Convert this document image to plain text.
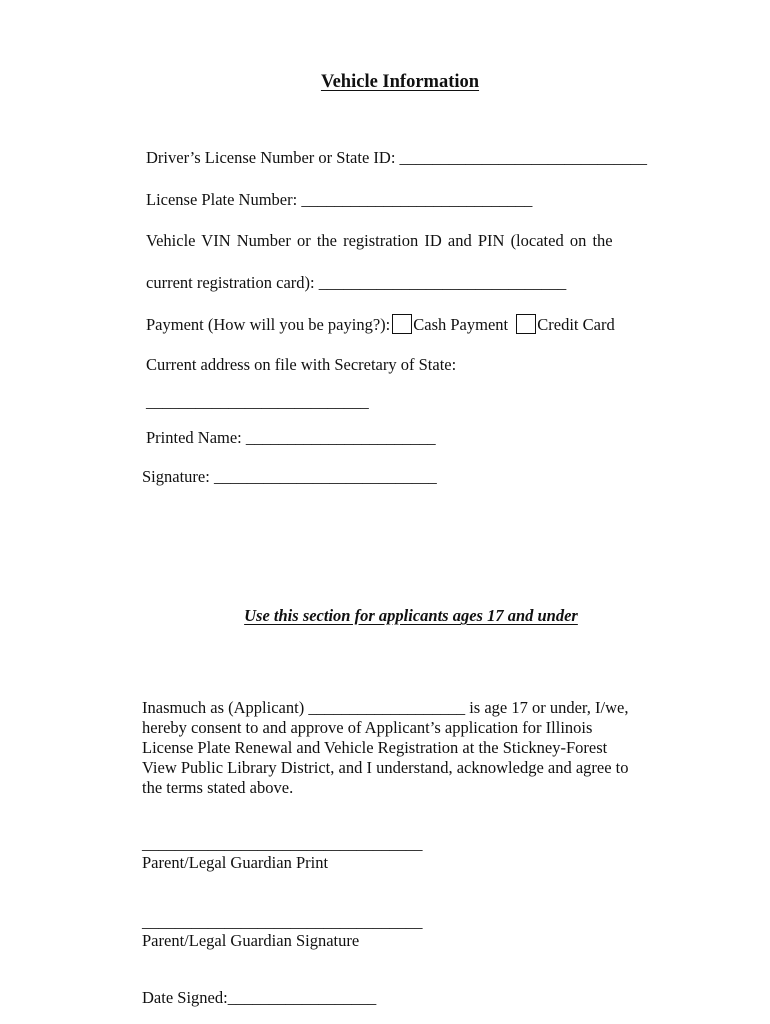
Vehicle Information
Driver’s License Number or State ID: ______________________________
License Plate Number: ____________________________
Vehicle VIN Number or the registration ID and PIN (located on the
current registration card): ______________________________
Payment (How will you be paying?): Cash Payment Credit Card
Current address on file with Secretary of State:
___________________________
Printed Name: _______________________
Signature: ___________________________
Use this section for applicants ages 17 and under
Inasmuch as (Applicant) ___________________ is age 17 or under, I/we,
hereby consent to and approve of Applicant’s application for Illinois
License Plate Renewal and Vehicle Registration at the Stickney-Forest
View Public Library District, and I understand, acknowledge and agree to
the terms stated above.
__________________________________
Parent/Legal Guardian Print
__________________________________
Parent/Legal Guardian Signature
Date Signed:__________________
